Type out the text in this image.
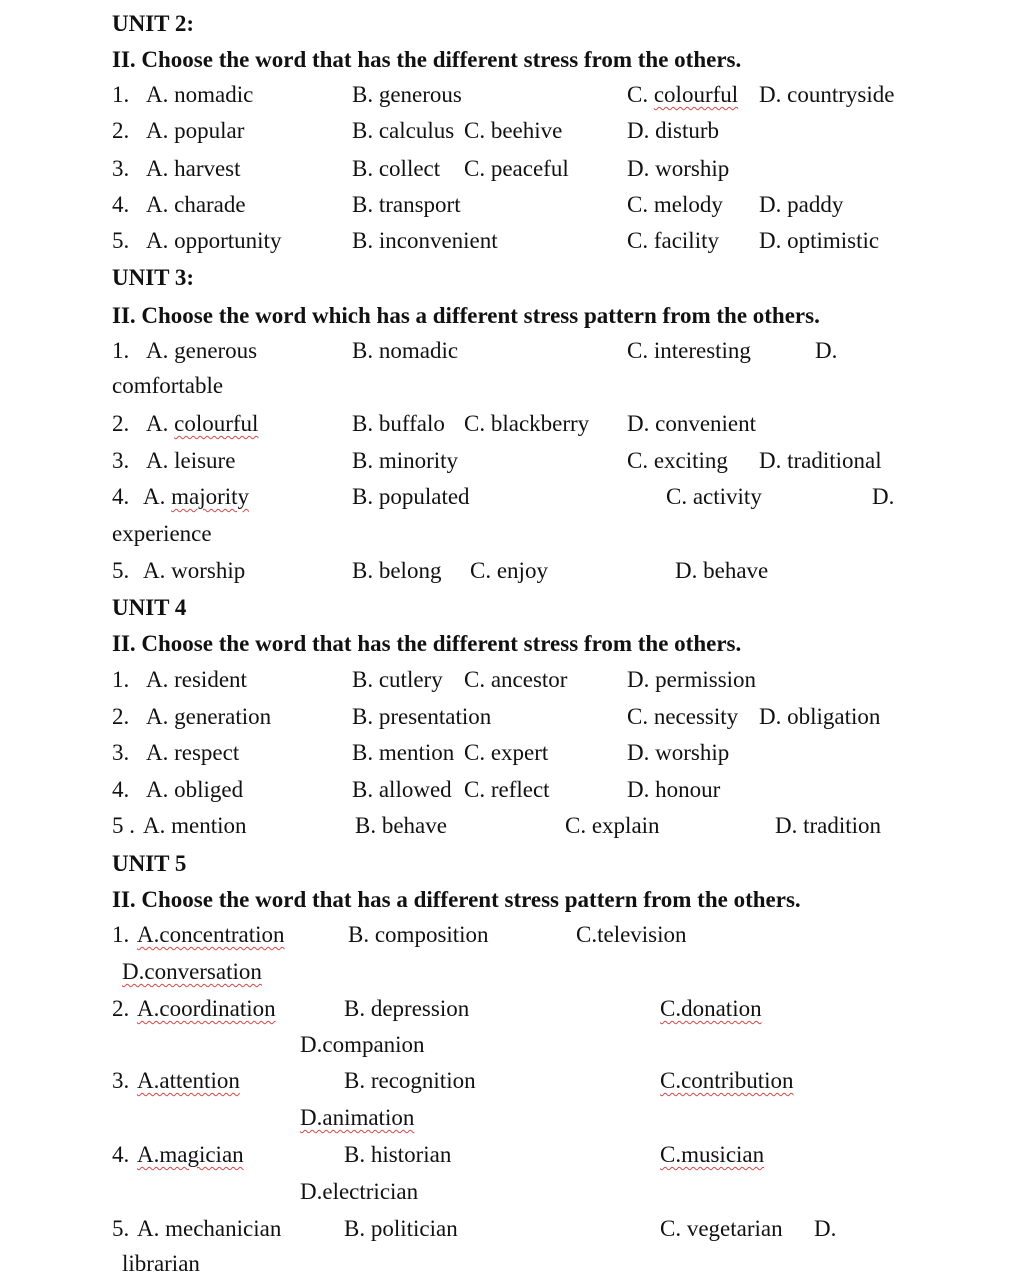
UNIT 2:
II. Choose the word that has the different stress from the others.
1. A. nomadic	B. generous	C. colourful D. countryside
2. A. popular	B. calculus C. beehive	D. disturb
3. A. harvest	B. collect C. peaceful	D. worship
4. A. charade	B. transport	C. melody D. paddy
5. A. opportunity	B. inconvenient	C. facility D. optimistic
UNIT 3:
II. Choose the word which has a different stress pattern from the others.
1. A. generous	B. nomadic	C. interesting	D.
comfortable
2. A. colourful	B. buffalo C. blackberry D. convenient
3. A. leisure	B. minority	C. exciting D. traditional
4. A. majority	B. populated	C. activity	D.
experience
5. A. worship	B. belong C. enjoy	D. behave
UNIT 4
II. Choose the word that has the different stress from the others.
1. A. resident	B. cutlery C. ancestor	D. permission
2. A. generation	B. presentation	C. necessity D. obligation
3. A. respect	B. mention C. expert	D. worship
4. A. obliged	B. allowed C. reflect	D. honour
5 . A. mention	B. behave	C. explain	D. tradition
UNIT 5
II. Choose the word that has a different stress pattern from the others.
1. A.concentration	B. composition	C.television
D.conversation
2. A.coordination	B. depression	C.donation
D.companion
3. A.attention	B. recognition	C.contribution
D.animation
4. A.magician	B. historian	C.musician
D.electrician
5. A. mechanician	B. politician	C. vegetarian D.
librarian
